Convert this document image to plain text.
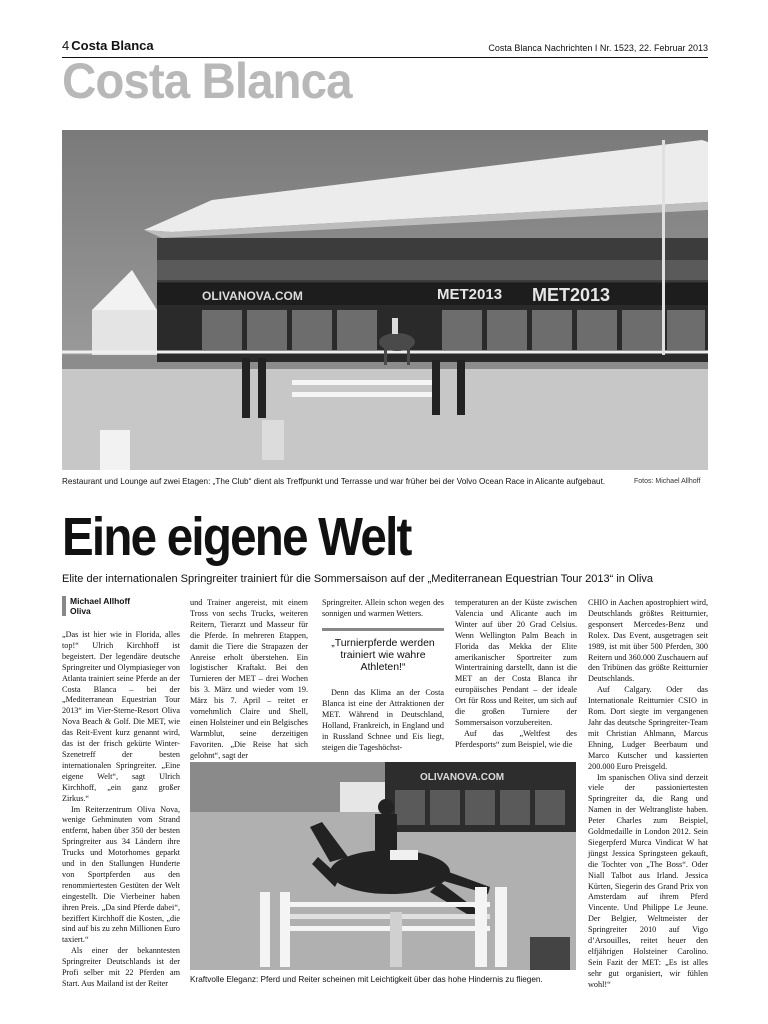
4 Costa Blanca	Costa Blanca Nachrichten I Nr. 1523, 22. Februar 2013
Costa Blanca
OLIVANOVA.COM	MET2013 MET2013
Restaurant und Lounge auf zwei Etagen: „The Club“ dient als Treffpunkt und Terrasse und war früher bei der Volvo Ocean Race in Alicante aufgebaut.	Fotos: Michael Allhoff
Eine eigene Welt
Elite der internationalen Springreiter trainiert für die Sommersaison auf der „Mediterranean Equestrian Tour 2013“ in Oliva
Michael Allhoff
Oliva

„Das ist hier wie in Florida, alles top!“ Ulrich Kirchhoff ist begeistert. Der legendäre deutsche Springreiter und Olympiasieger von Atlanta trainiert seine Pferde an der Costa Blanca – bei der „Mediterranean Equestrian Tour 2013“ im Vier-Sterne-Resort Oliva Nova Beach & Golf. Die MET, wie das Reit-Event kurz genannt wird, das ist der frisch gekürte Winter-Szenetreff der besten internationalen Springreiter. „Eine eigene Welt“, sagt Ulrich Kirchhoff, „ein ganz großer Zirkus.“

Im Reiterzentrum Oliva Nova, wenige Gehminuten vom Strand entfernt, haben über 350 der besten Springreiter aus 34 Ländern ihre Trucks und Motorhomes geparkt und in den Stallungen Hunderte von Sportpferden aus den renommiertesten Gestüten der Welt eingestellt. Die Vierbeiner haben ihren Preis. „Da sind Pferde dabei“, beziffert Kirchhoff die Kosten, „die sind auf bis zu zehn Millionen Euro taxiert.“

Als einer der bekanntesten Springreiter Deutschlands ist der Profi selber mit 22 Pferden am Start. Aus Mailand ist der Reiter

und Trainer angereist, mit einem Tross von sechs Trucks, weiteren Reitern, Tierarzt und Masseur für die Pferde. In mehreren Etappen, damit die Tiere die Strapazen der Anreise erholt überstehen. Ein logistischer Kraftakt. Bei den Turnieren der MET – drei Wochen bis 3. März und wieder vom 19. März bis 7. April – reitet er vornehmlich Claire und Shell, einen Holsteiner und ein Belgisches Warmblut, seine derzeitigen Favoriten. „Die Reise hat sich gelohnt“, sagt der

Springreiter. Allein schon wegen des sonnigen und warmen Wetters.

„Turnierpferde werden trainiert wie wahre Athleten!“

Denn das Klima an der Costa Blanca ist eine der Attraktionen der MET. Während in Deutschland, Holland, Frankreich, in England und in Russland Schnee und Eis liegt, steigen die Tageshöchst-

temperaturen an der Küste zwischen Valencia und Alicante auch im Winter auf über 20 Grad Celsius. Wenn Wellington Palm Beach in Florida das Mekka der Elite amerikanischer Sportreiter zum Wintertraining darstellt, dann ist die MET an der Costa Blanca ihr europäisches Pendant – der ideale Ort für Ross und Reiter, um sich auf die großen Turniere der Sommersaison vorzubereiten.

Auf das „Weltfest des Pferdesports“ zum Beispiel, wie die

CHIO in Aachen apostrophiert wird, Deutschlands größtes Reitturnier, gesponsert Mercedes-Benz und Rolex. Das Event, ausgetragen seit 1989, ist mit über 500 Pferden, 300 Reitern und 360.000 Zuschauern auf den Tribünen das größte Reitturnier Deutschlands.

Auf Calgary. Oder das Internationale Reitturnier CSIO in Rom. Dort siegte im vergangenen Jahr das deutsche Springreiter-Team mit Christian Ahlmann, Marcus Ehning, Ludger Beerbaum und Marco Kutscher und kassierten 200.000 Euro Preisgeld.

Im spanischen Oliva sind derzeit viele der passioniertesten Springreiter da, die Rang und Namen in der Weltrangliste haben. Peter Charles zum Beispiel, Goldmedaille in London 2012. Sein Siegerpferd Murca Vindicat W hat jüngst Jessica Springsteen gekauft, die Tochter von „The Boss“. Oder Niall Talbot aus Irland. Jessica Kürten, Siegerin des Grand Prix von Amsterdam auf ihrem Pferd Vincente. Und Philippe Le Jeune. Der Belgier, Weltmeister der Springreiter 2010 auf Vigo d’Arsouilles, reitet heuer den elfjährigen Holsteiner Carolino. Sein Fazit der MET: „Es ist alles sehr gut organisiert, wir fühlen wohl!“

OLIVANOVA.COM
Kraftvolle Eleganz: Pferd und Reiter scheinen mit Leichtigkeit über das hohe Hindernis zu fliegen.
